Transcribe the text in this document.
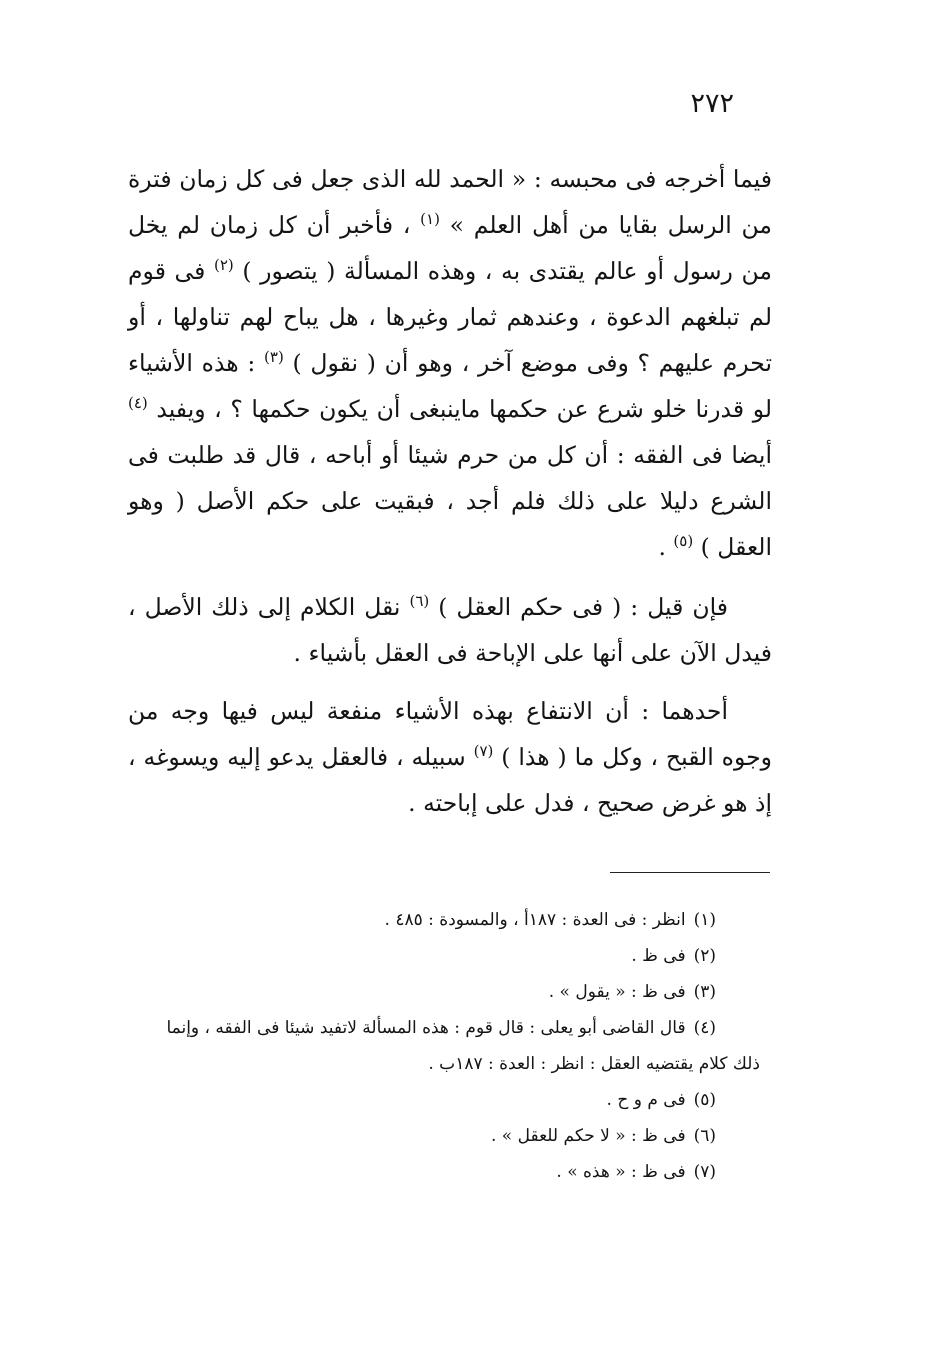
٢٧٢

فيما أخرجه فى محبسه : « الحمد لله الذى جعل فى كل زمان فترة من الرسل بقايا من أهل العلم » $^{(١)}$ ، فأخبر أن كل زمان لم يخل من رسول أو عالم يقتدى به ، وهذه المسألة ( يتصور ) $^{(٢)}$ فى قوم لم تبلغهم الدعوة ، وعندهم ثمار وغيرها ، هل يباح لهم تناولها ، أو تحرم عليهم ؟ وفى موضع آخر ، وهو أن ( نقول ) $^{(٣)}$ : هذه الأشياء لو قدرنا خلو شرع عن حكمها ماينبغى أن يكون حكمها ؟ ، ويفيد $^{(٤)}$ أيضا فى الفقه : أن كل من حرم شيئا أو أباحه ، قال قد طلبت فى الشرع دليلا على ذلك فلم أجد ، فبقيت على حكم الأصل ( وهو العقل ) $^{(٥)}$ .

فإن قيل : ( فى حكم العقل ) $^{(٦)}$ نقل الكلام إلى ذلك الأصل ، فيدل الآن على أنها على الإباحة فى العقل بأشياء .

أحدهما : أن الانتفاع بهذه الأشياء منفعة ليس فيها وجه من وجوه القبح ، وكل ما ( هذا ) $^{(٧)}$ سبيله ، فالعقل يدعو إليه ويسوغه ، إذ هو غرض صحيح ، فدل على إباحته .

(١)انظر : فى العدة : ١٨٧أ ، والمسودة : ٤٨٥ .

(٢)فى ظ .

(٣)فى ظ : « يقول » .

(٤)قال القاضى أبو يعلى : قال قوم : هذه المسألة لاتفيد شيئا فى الفقه ، وإنما

ذلك كلام يقتضيه العقل : انظر : العدة : ١٨٧ب .

(٥)فى م و ح .

(٦)فى ظ : « لا حكم للعقل » .

(٧)فى ظ : « هذه » .
